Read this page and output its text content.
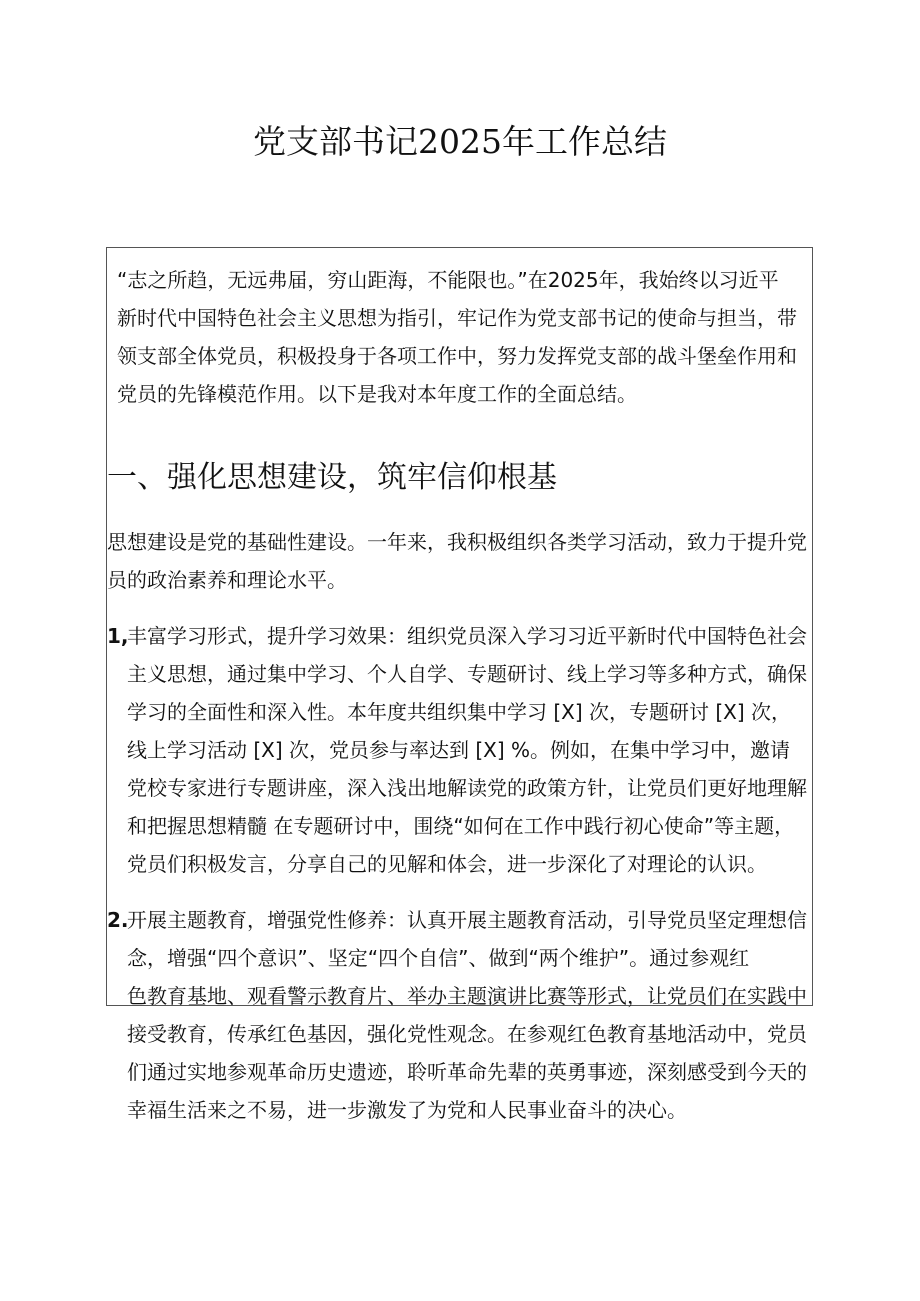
党支部书记2025年工作总结
“志之所趋，无远弗届，穷山距海，不能限也。”在2025年，我始终以习近平
新时代中国特色社会主义思想为指引，牢记作为党支部书记的使命与担当，带
领支部全体党员，积极投身于各项工作中，努力发挥党支部的战斗堡垒作用和
党员的先锋模范作用。以下是我对本年度工作的全面总结。
一、强化思想建设，筑牢信仰根基
思想建设是党的基础性建设。一年来，我积极组织各类学习活动，致力于提升党
员的政治素养和理论水平。
1,
丰富学习形式，提升学习效果：组织党员深入学习习近平新时代中国特色社会
主义思想，通过集中学习、个人自学、专题研讨、线上学习等多种方式，确保
学习的全面性和深入性。本年度共组织集中学习 [X] 次，专题研讨 [X] 次，
线上学习活动 [X] 次，党员参与率达到 [X] %。例如，在集中学习中，邀请
党校专家进行专题讲座，深入浅出地解读党的政策方针，让党员们更好地理解
和把握思想精髓 在专题研讨中，围绕“如何在工作中践行初心使命”等主题，
党员们积极发言，分享自己的见解和体会，进一步深化了对理论的认识。
2.
开展主题教育，增强党性修养：认真开展主题教育活动，引导党员坚定理想信
念，增强“四个意识”、坚定“四个自信”、做到“两个维护”。通过参观红
色教育基地、观看警示教育片、举办主题演讲比赛等形式，让党员们在实践中
接受教育，传承红色基因，强化党性观念。在参观红色教育基地活动中，党员
们通过实地参观革命历史遗迹，聆听革命先辈的英勇事迹，深刻感受到今天的
幸福生活来之不易，进一步激发了为党和人民事业奋斗的决心。
